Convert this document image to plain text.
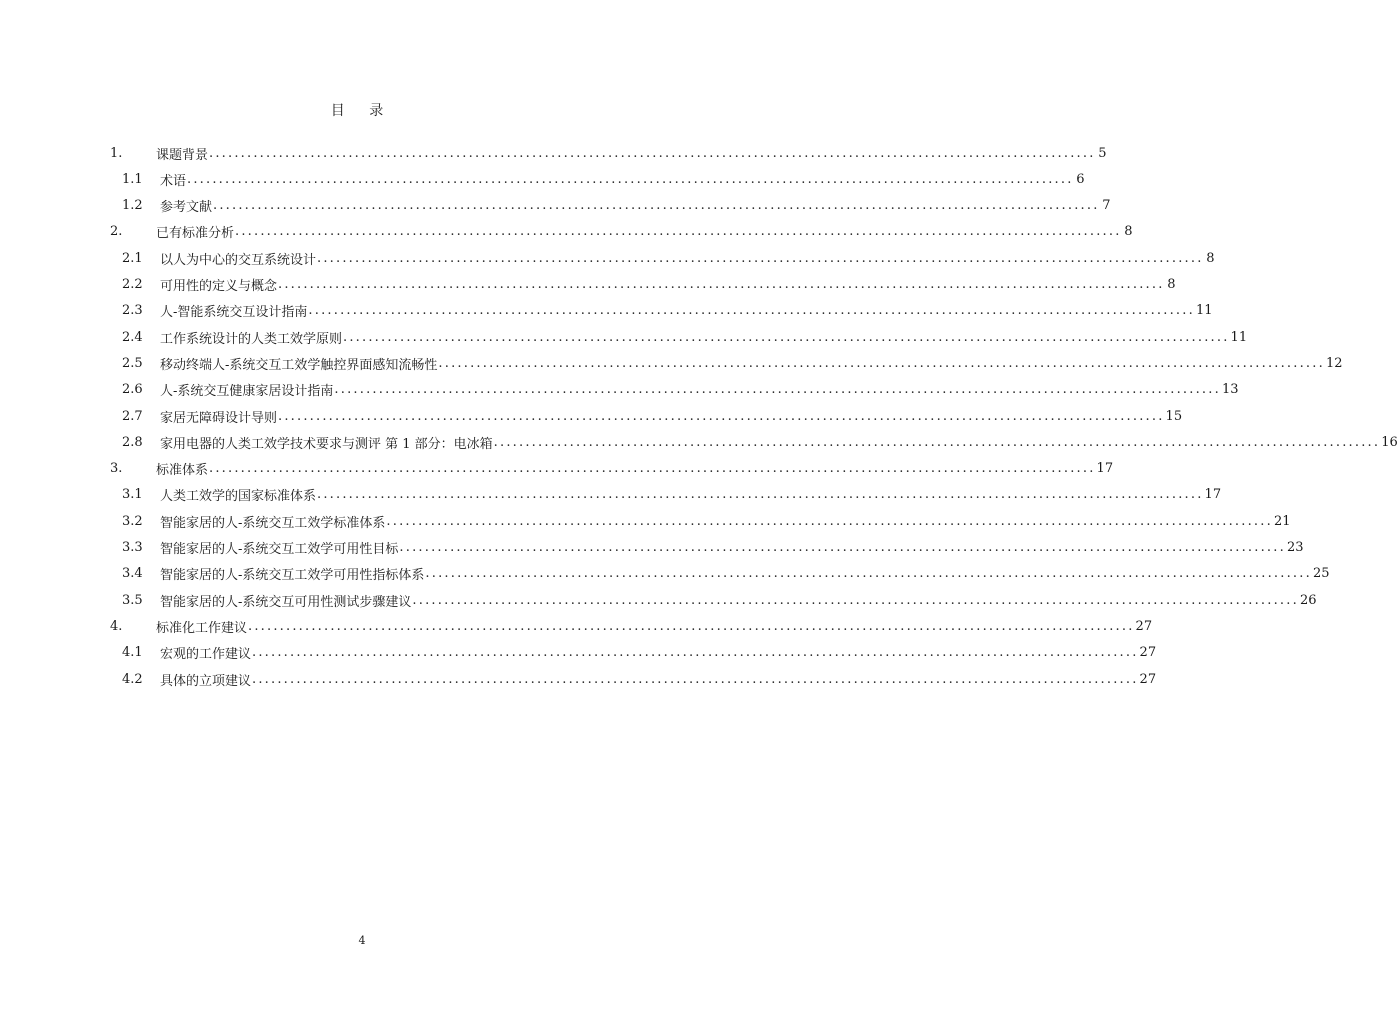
目 录
1.	课题背景 ............................................................................................................................................ 5
1.1	术语 ............................................................................................................................................ 6
1.2	参考文献 ............................................................................................................................................ 7
2.	已有标准分析 ............................................................................................................................................ 8
2.1	以人为中心的交互系统设计 ............................................................................................................................................ 8
2.2	可用性的定义与概念 ............................................................................................................................................ 8
2.3	人-智能系统交互设计指南 ............................................................................................................................................ 11
2.4	工作系统设计的人类工效学原则 ............................................................................................................................................ 11
2.5	移动终端人-系统交互工效学触控界面感知流畅性 ............................................................................................................................................ 12
2.6	人-系统交互健康家居设计指南 ............................................................................................................................................ 13
2.7	家居无障碍设计导则 ............................................................................................................................................ 15
2.8	家用电器的人类工效学技术要求与测评 第 1 部分：电冰箱 ............................................................................................................................................ 16
3.	标准体系 ............................................................................................................................................ 17
3.1	人类工效学的国家标准体系 ............................................................................................................................................ 17
3.2	智能家居的人-系统交互工效学标准体系 ............................................................................................................................................ 21
3.3	智能家居的人-系统交互工效学可用性目标 ............................................................................................................................................ 23
3.4	智能家居的人-系统交互工效学可用性指标体系 ............................................................................................................................................ 25
3.5	智能家居的人-系统交互可用性测试步骤建议 ............................................................................................................................................ 26
4.	标准化工作建议 ............................................................................................................................................ 27
4.1	宏观的工作建议 ............................................................................................................................................ 27
4.2	具体的立项建议 ............................................................................................................................................ 27
4
